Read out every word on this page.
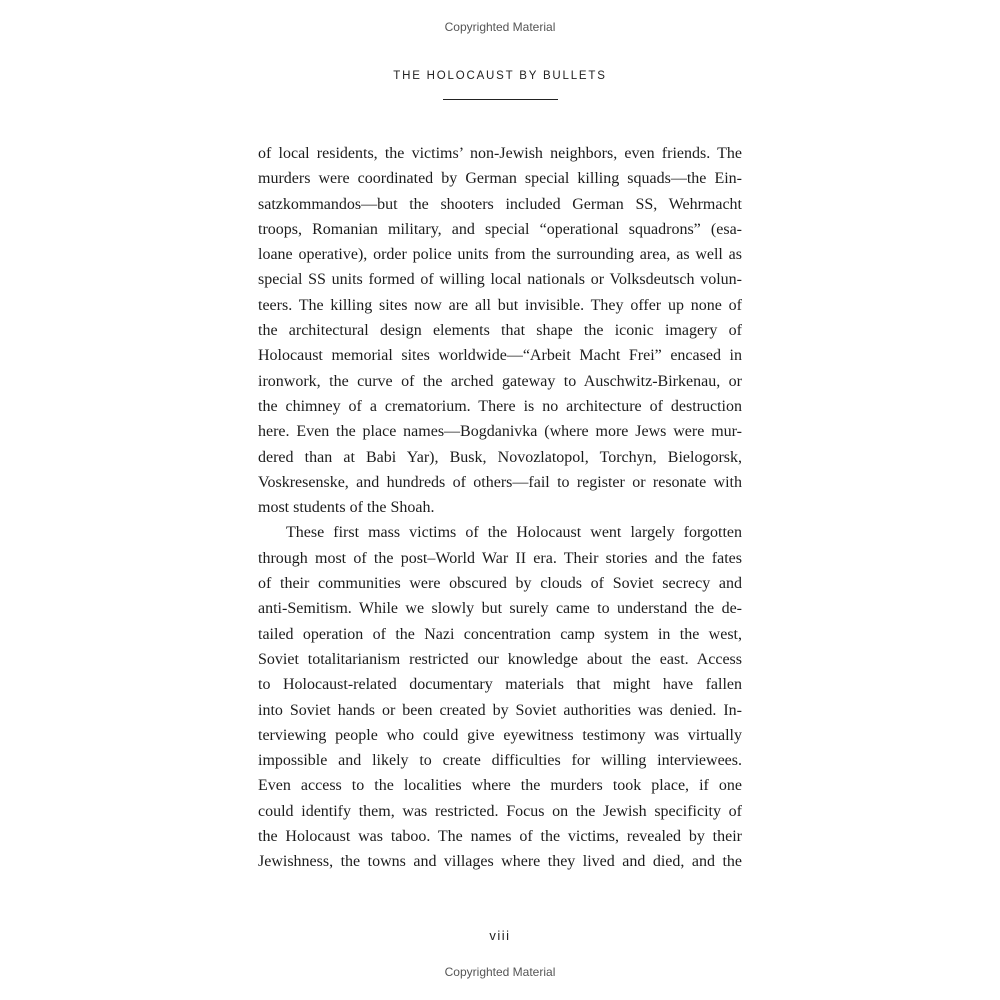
Copyrighted Material
THE HOLOCAUST BY BULLETS
of local residents, the victims’ non-Jewish neighbors, even friends. The
murders were coordinated by German special killing squads—the Ein-
satzkommandos—but the shooters included German SS, Wehrmacht
troops, Romanian military, and special “operational squadrons” (esa-
loane operative), order police units from the surrounding area, as well as
special SS units formed of willing local nationals or Volksdeutsch volun-
teers. The killing sites now are all but invisible. They offer up none of
the architectural design elements that shape the iconic imagery of
Holocaust memorial sites worldwide—“Arbeit Macht Frei” encased in
ironwork, the curve of the arched gateway to Auschwitz-Birkenau, or
the chimney of a crematorium. There is no architecture of destruction
here. Even the place names—Bogdanivka (where more Jews were mur-
dered than at Babi Yar), Busk, Novozlatopol, Torchyn, Bielogorsk,
Voskresenske, and hundreds of others—fail to register or resonate with
most students of the Shoah.
These first mass victims of the Holocaust went largely forgotten
through most of the post–World War II era. Their stories and the fates
of their communities were obscured by clouds of Soviet secrecy and
anti-Semitism. While we slowly but surely came to understand the de-
tailed operation of the Nazi concentration camp system in the west,
Soviet totalitarianism restricted our knowledge about the east. Access
to Holocaust-related documentary materials that might have fallen
into Soviet hands or been created by Soviet authorities was denied. In-
terviewing people who could give eyewitness testimony was virtually
impossible and likely to create difficulties for willing interviewees.
Even access to the localities where the murders took place, if one
could identify them, was restricted. Focus on the Jewish specificity of
the Holocaust was taboo. The names of the victims, revealed by their
Jewishness, the towns and villages where they lived and died, and the
viii
Copyrighted Material
